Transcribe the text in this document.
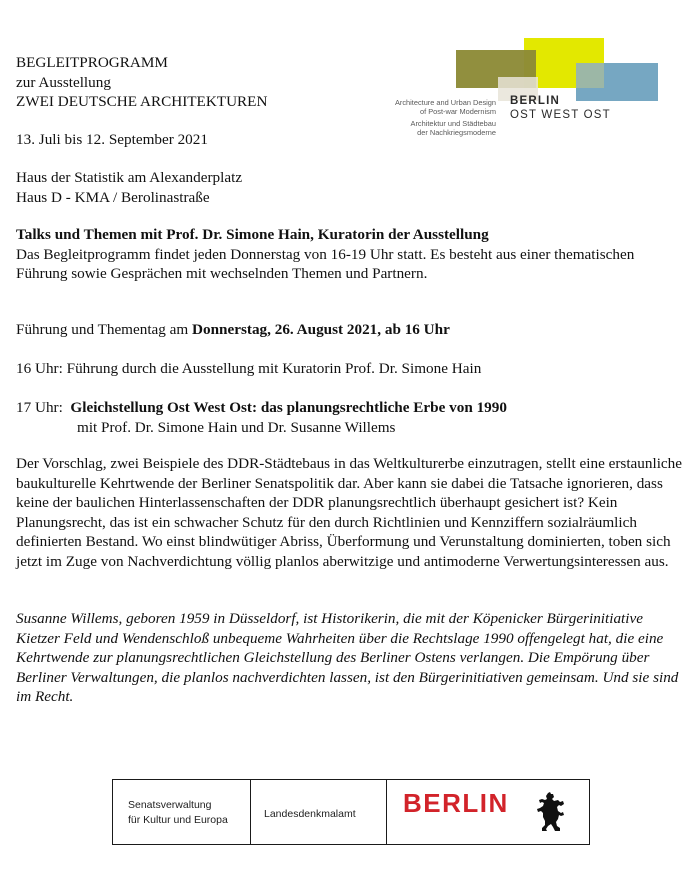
BEGLEITPROGRAMM

zur Ausstellung

ZWEI DEUTSCHE ARCHITEKTUREN

13. Juli bis 12. September 2021

Haus der Statistik am Alexanderplatz

Haus D - KMA / Berolinastraße

Architecture and Urban Design
of Post-war Modernism
Architektur und Städtebau
der Nachkriegsmoderne
BERLIN
OST WEST OST

Talks und Themen mit Prof. Dr. Simone Hain, Kuratorin der Ausstellung

Das Begleitprogramm findet jeden Donnerstag von 16-19 Uhr statt. Es besteht aus einer thematischen Führung sowie Gesprächen mit wechselnden Themen und Partnern.

Führung und Thementag am Donnerstag, 26. August 2021, ab 16 Uhr

16 Uhr: Führung durch die Ausstellung mit Kuratorin Prof. Dr. Simone Hain

17 Uhr:  Gleichstellung Ost West Ost: das planungsrechtliche Erbe von 1990

mit Prof. Dr. Simone Hain und Dr. Susanne Willems

Der Vorschlag, zwei Beispiele des DDR-Städtebaus in das Weltkulturerbe einzutragen, stellt eine erstaunliche baukulturelle Kehrtwende der Berliner Senatspolitik dar. Aber kann sie dabei die Tatsache ignorieren, dass keine der baulichen Hinterlassenschaften der DDR planungsrechtlich überhaupt gesichert ist? Kein Planungsrecht, das ist ein schwacher Schutz für den durch Richtlinien und Kennziffern sozialräumlich definierten Bestand. Wo einst blindwütiger Abriss, Überformung und Verunstaltung dominierten, toben sich jetzt im Zuge von Nachverdichtung völlig planlos aberwitzige und antimoderne Verwertungsinteressen aus.

Susanne Willems, geboren 1959 in Düsseldorf, ist Historikerin, die mit der Köpenicker Bürgerinitiative Kietzer Feld und Wendenschloß unbequeme Wahrheiten über die Rechtslage 1990 offengelegt hat, die eine Kehrtwende zur planungsrechtlichen Gleichstellung des Berliner Ostens verlangen. Die Empörung über Berliner Verwaltungen, die planlos nachverdichten lassen, ist den Bürgerinitiativen gemeinsam. Und sie sind im Recht.

Senatsverwaltung
für Kultur und Europa	Landesdenkmalamt BERLIN
